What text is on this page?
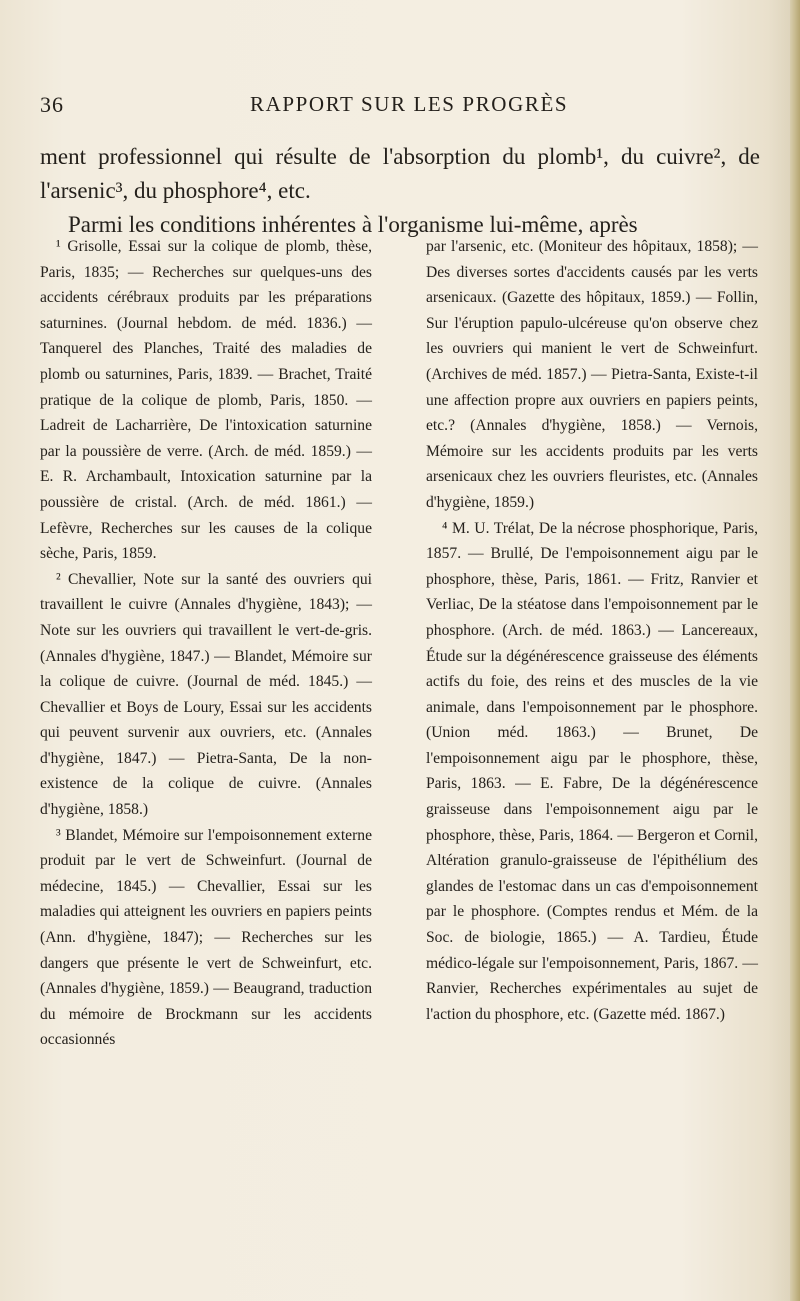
36	RAPPORT SUR LES PROGRÈS

ment professionnel qui résulte de l'absorption du plomb¹, du cuivre², de l'arsenic³, du phosphore⁴, etc.

Parmi les conditions inhérentes à l'organisme lui-même, après

¹ Grisolle, Essai sur la colique de plomb, thèse, Paris, 1835; — Recherches sur quelques-uns des accidents cérébraux produits par les préparations saturnines. (Journal hebdom. de méd. 1836.) — Tanquerel des Planches, Traité des maladies de plomb ou saturnines, Paris, 1839. — Brachet, Traité pratique de la colique de plomb, Paris, 1850. — Ladreit de Lacharrière, De l'intoxication saturnine par la poussière de verre. (Arch. de méd. 1859.) — E. R. Archambault, Intoxication saturnine par la poussière de cristal. (Arch. de méd. 1861.) — Lefèvre, Recherches sur les causes de la colique sèche, Paris, 1859.

² Chevallier, Note sur la santé des ouvriers qui travaillent le cuivre (Annales d'hygiène, 1843); — Note sur les ouvriers qui travaillent le vert-de-gris. (Annales d'hygiène, 1847.) — Blandet, Mémoire sur la colique de cuivre. (Journal de méd. 1845.) — Chevallier et Boys de Loury, Essai sur les accidents qui peuvent survenir aux ouvriers, etc. (Annales d'hygiène, 1847.) — Pietra-Santa, De la non-existence de la colique de cuivre. (Annales d'hygiène, 1858.)

³ Blandet, Mémoire sur l'empoisonnement externe produit par le vert de Schweinfurt. (Journal de médecine, 1845.) — Chevallier, Essai sur les maladies qui atteignent les ouvriers en papiers peints (Ann. d'hygiène, 1847); — Recherches sur les dangers que présente le vert de Schweinfurt, etc. (Annales d'hygiène, 1859.) — Beaugrand, traduction du mémoire de Brockmann sur les accidents occasionnés

par l'arsenic, etc. (Moniteur des hôpitaux, 1858); — Des diverses sortes d'accidents causés par les verts arsenicaux. (Gazette des hôpitaux, 1859.) — Follin, Sur l'éruption papulo-ulcéreuse qu'on observe chez les ouvriers qui manient le vert de Schweinfurt. (Archives de méd. 1857.) — Pietra-Santa, Existe-t-il une affection propre aux ouvriers en papiers peints, etc.? (Annales d'hygiène, 1858.) — Vernois, Mémoire sur les accidents produits par les verts arsenicaux chez les ouvriers fleuristes, etc. (Annales d'hygiène, 1859.)

⁴ M. U. Trélat, De la nécrose phosphorique, Paris, 1857. — Brullé, De l'empoisonnement aigu par le phosphore, thèse, Paris, 1861. — Fritz, Ranvier et Verliac, De la stéatose dans l'empoisonnement par le phosphore. (Arch. de méd. 1863.) — Lancereaux, Étude sur la dégénérescence graisseuse des éléments actifs du foie, des reins et des muscles de la vie animale, dans l'empoisonnement par le phosphore. (Union méd. 1863.) — Brunet, De l'empoisonnement aigu par le phosphore, thèse, Paris, 1863. — E. Fabre, De la dégénérescence graisseuse dans l'empoisonnement aigu par le phosphore, thèse, Paris, 1864. — Bergeron et Cornil, Altération granulo-graisseuse de l'épithélium des glandes de l'estomac dans un cas d'empoisonnement par le phosphore. (Comptes rendus et Mém. de la Soc. de biologie, 1865.) — A. Tardieu, Étude médico-légale sur l'empoisonnement, Paris, 1867. — Ranvier, Recherches expérimentales au sujet de l'action du phosphore, etc. (Gazette méd. 1867.)
